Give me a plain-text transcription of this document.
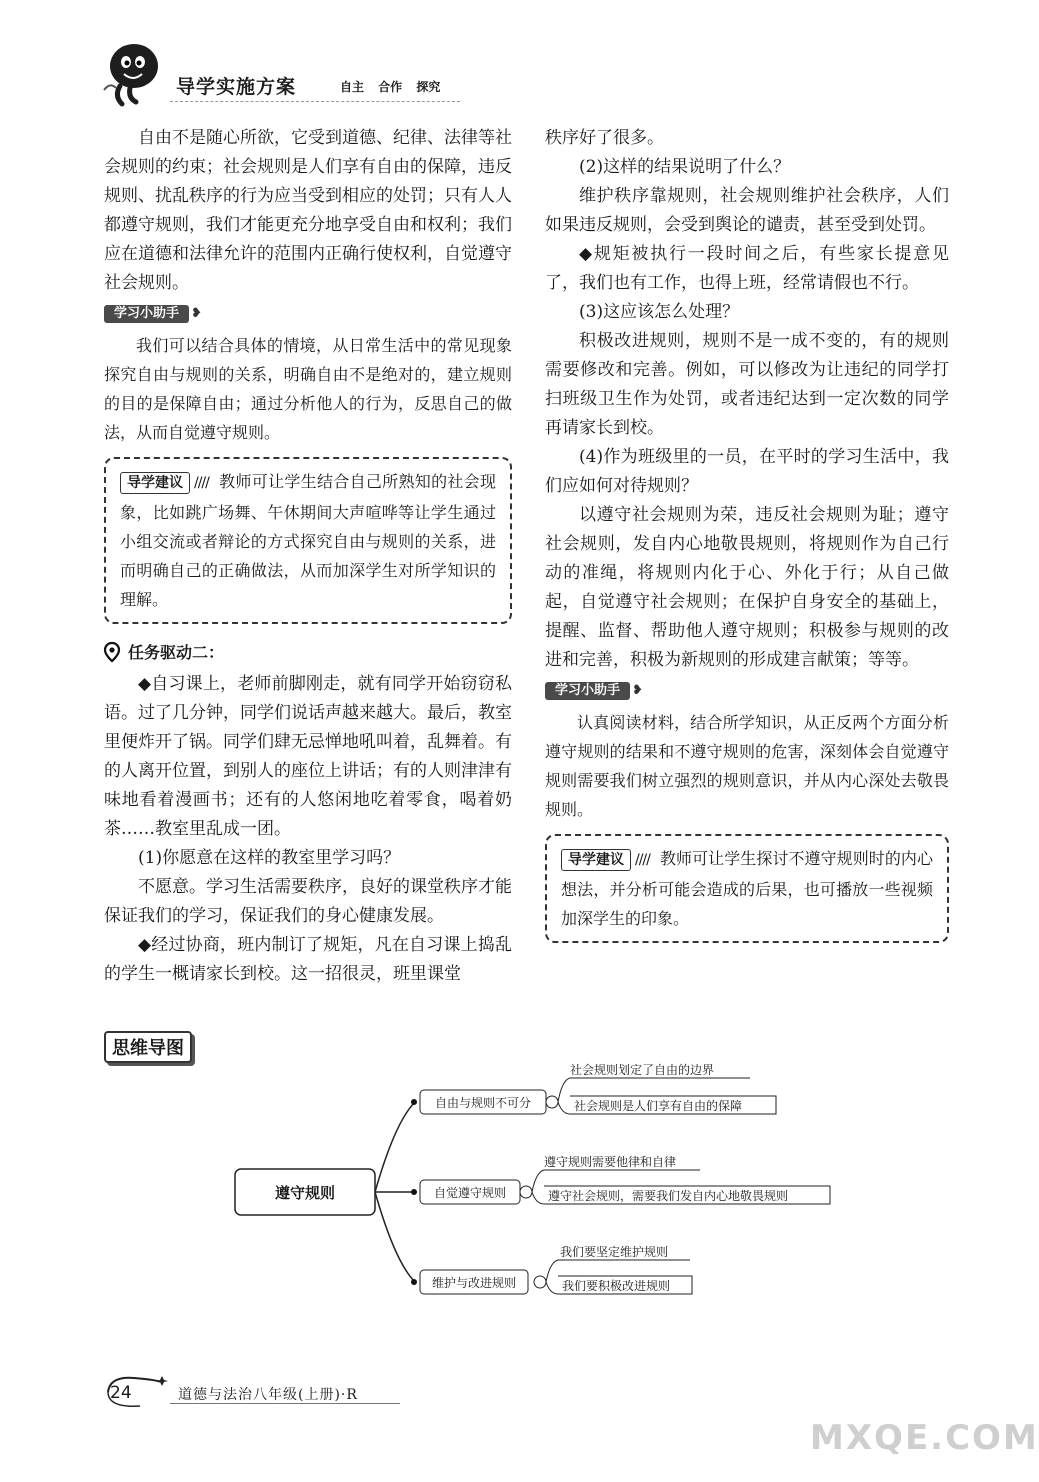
导学实施方案	自主 合作 探究

自由不是随心所欲，它受到道德、纪律、法律等社会规则的约束；社会规则是人们享有自由的保障，违反规则、扰乱秩序的行为应当受到相应的处罚；只有人人都遵守规则，我们才能更充分地享受自由和权利；我们应在道德和法律允许的范围内正确行使权利，自觉遵守社会规则。

学习小助手 ❥

我们可以结合具体的情境，从日常生活中的常见现象探究自由与规则的关系，明确自由不是绝对的，建立规则的目的是保障自由；通过分析他人的行为，反思自己的做法，从而自觉遵守规则。

导学建议 //// 教师可让学生结合自己所熟知的社会现象，比如跳广场舞、午休期间大声喧哗等让学生通过小组交流或者辩论的方式探究自由与规则的关系，进而明确自己的正确做法，从而加深学生对所学知识的理解。
任务驱动二：

◆自习课上，老师前脚刚走，就有同学开始窃窃私语。过了几分钟，同学们说话声越来越大。最后，教室里便炸开了锅。同学们肆无忌惮地吼叫着，乱舞着。有的人离开位置，到别人的座位上讲话；有的人则津津有味地看着漫画书；还有的人悠闲地吃着零食，喝着奶茶……教室里乱成一团。

(1)你愿意在这样的教室里学习吗？

不愿意。学习生活需要秩序，良好的课堂秩序才能保证我们的学习，保证我们的身心健康发展。

◆经过协商，班内制订了规矩，凡在自习课上捣乱的学生一概请家长到校。这一招很灵，班里课堂

秩序好了很多。

(2)这样的结果说明了什么？

维护秩序靠规则，社会规则维护社会秩序，人们如果违反规则，会受到舆论的谴责，甚至受到处罚。

◆规矩被执行一段时间之后，有些家长提意见了，我们也有工作，也得上班，经常请假也不行。

(3)这应该怎么处理？

积极改进规则，规则不是一成不变的，有的规则需要修改和完善。例如，可以修改为让违纪的同学打扫班级卫生作为处罚，或者违纪达到一定次数的同学再请家长到校。

(4)作为班级里的一员，在平时的学习生活中，我们应如何对待规则？

以遵守社会规则为荣，违反社会规则为耻；遵守社会规则，发自内心地敬畏规则，将规则作为自己行动的准绳，将规则内化于心、外化于行；从自己做起，自觉遵守社会规则；在保护自身安全的基础上，提醒、监督、帮助他人遵守规则；积极参与规则的改进和完善，积极为新规则的形成建言献策；等等。

学习小助手 ❥

认真阅读材料，结合所学知识，从正反两个方面分析遵守规则的结果和不遵守规则的危害，深刻体会自觉遵守规则需要我们树立强烈的规则意识，并从内心深处去敬畏规则。

导学建议 //// 教师可让学生探讨不遵守规则时的内心想法，并分析可能会造成的后果，也可播放一些视频加深学生的印象。
思维导图
遵守规则
自由与规则不可分
社会规则划定了自由的边界
社会规则是人们享有自由的保障
自觉遵守规则
遵守规则需要他律和自律
遵守社会规则，需要我们发自内心地敬畏规则
维护与改进规则
我们要坚定维护规则
我们要积极改进规则
24	道德与法治八年级(上册)·R
MXQE.COM
